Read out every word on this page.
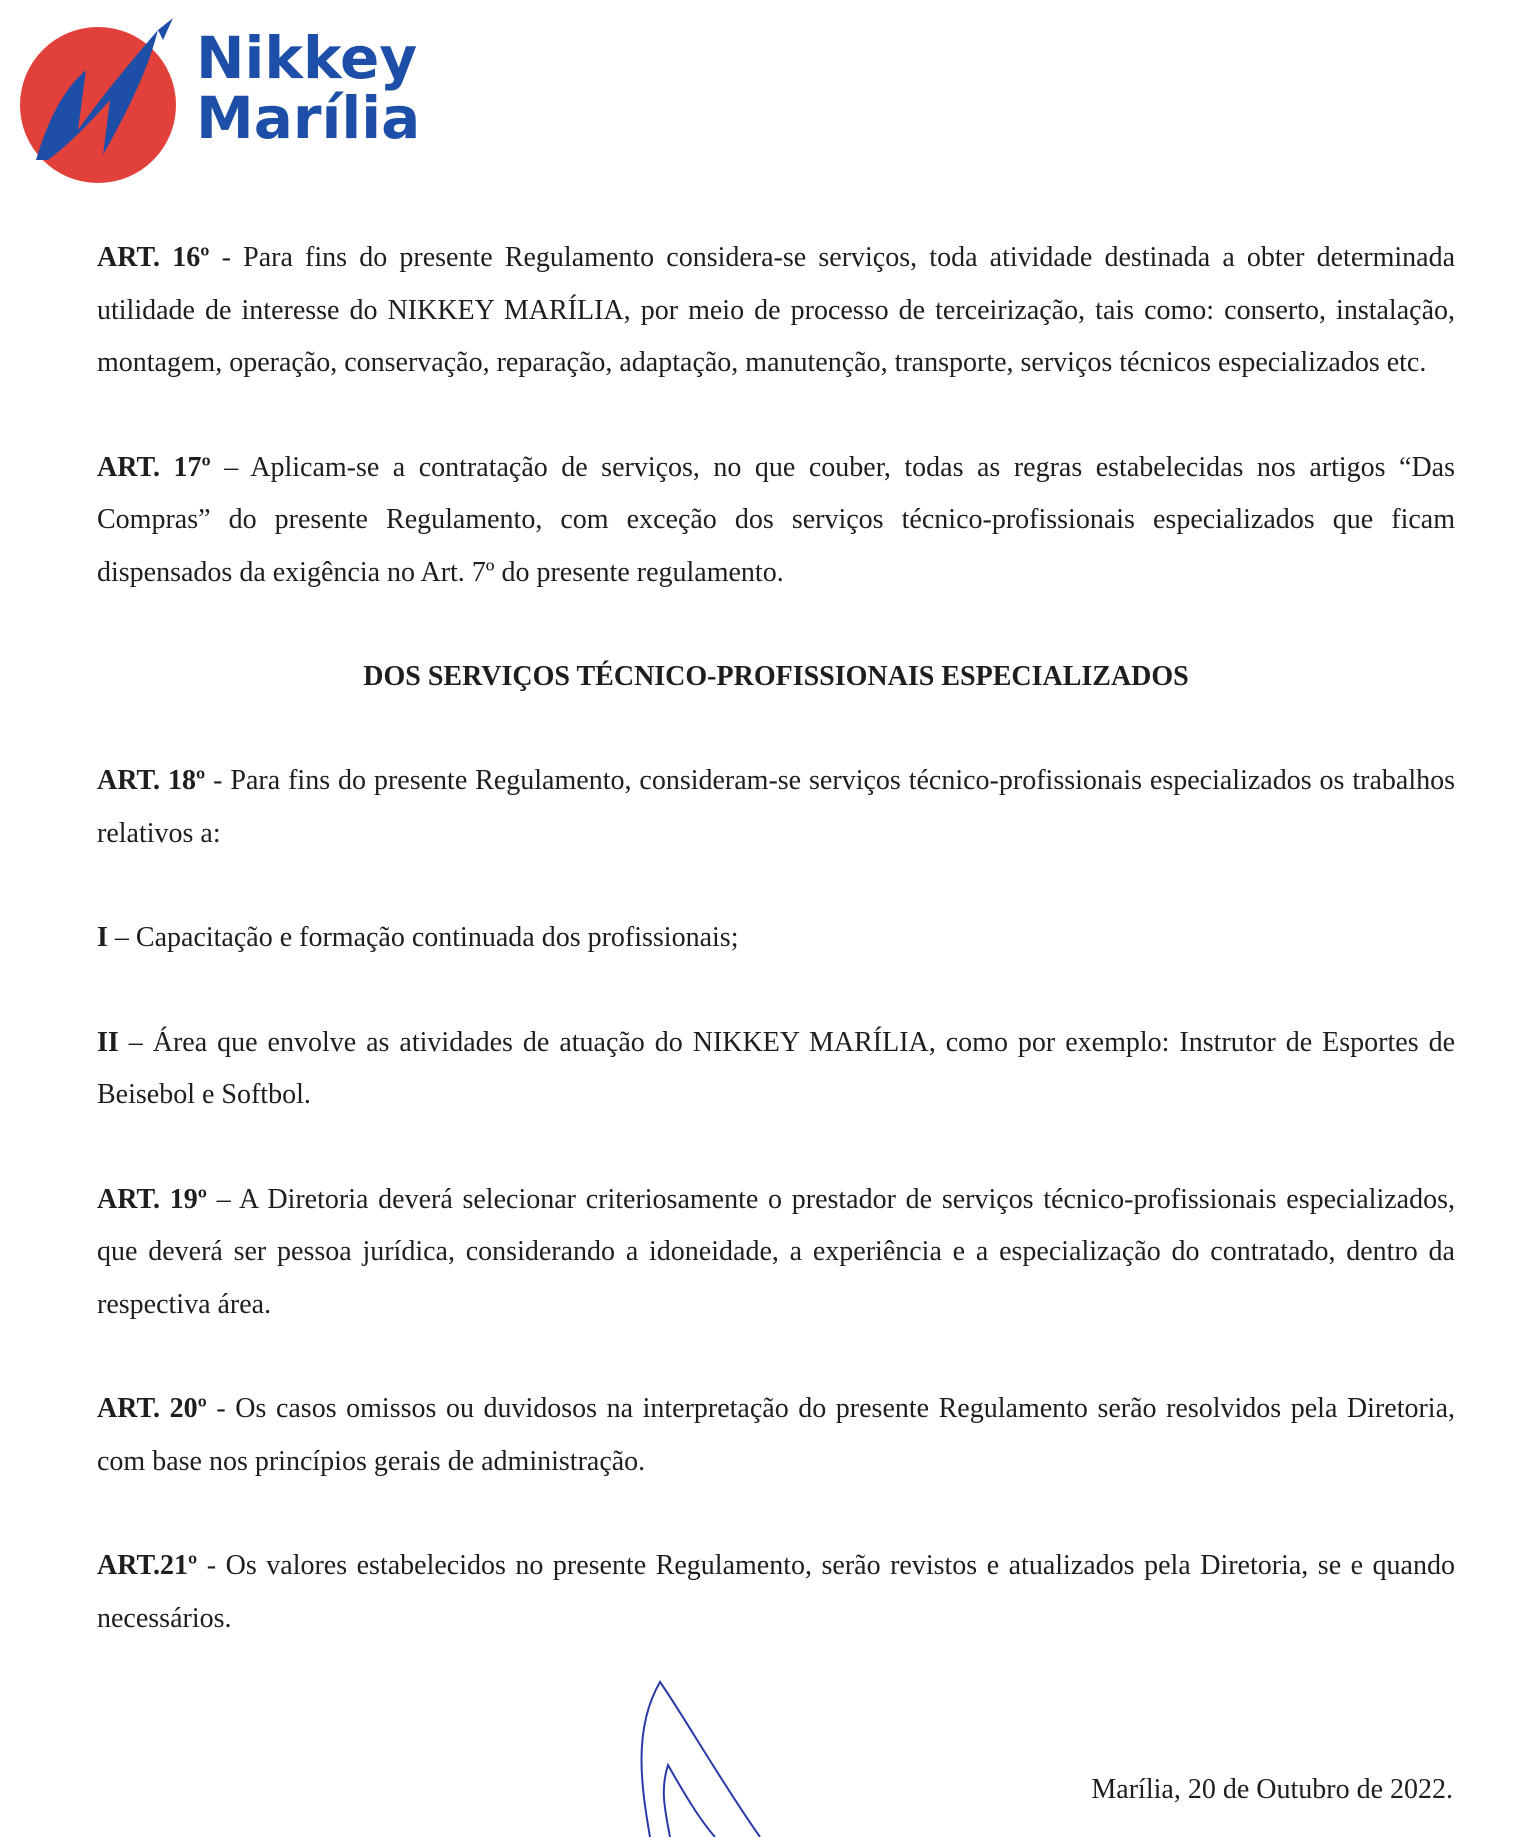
Nikkey
Marília

ART. 16º - Para fins do presente Regulamento considera-se serviços, toda atividade destinada a obter determinada utilidade de interesse do NIKKEY MARÍLIA, por meio de processo de terceirização, tais como: conserto, instalação, montagem, operação, conservação, reparação, adaptação, manutenção, transporte, serviços técnicos especializados etc.

ART. 17º – Aplicam-se a contratação de serviços, no que couber, todas as regras estabelecidas nos artigos “Das Compras” do presente Regulamento, com exceção dos serviços técnico-profissionais especializados que ficam dispensados da exigência no Art. 7º do presente regulamento.

DOS SERVIÇOS TÉCNICO-PROFISSIONAIS ESPECIALIZADOS

ART. 18º - Para fins do presente Regulamento, consideram-se serviços técnico-profissionais especializados os trabalhos relativos a:

I – Capacitação e formação continuada dos profissionais;

II – Área que envolve as atividades de atuação do NIKKEY MARÍLIA, como por exemplo: Instrutor de Esportes de Beisebol e Softbol.

ART. 19º – A Diretoria deverá selecionar criteriosamente o prestador de serviços técnico-profissionais especializados, que deverá ser pessoa jurídica, considerando a idoneidade, a experiência e a especialização do contratado, dentro da respectiva área.

ART. 20º - Os casos omissos ou duvidosos na interpretação do presente Regulamento serão resolvidos pela Diretoria, com base nos princípios gerais de administração.

ART.21º - Os valores estabelecidos no presente Regulamento, serão revistos e atualizados pela Diretoria, se e quando necessários.

Marília, 20 de Outubro de 2022.
